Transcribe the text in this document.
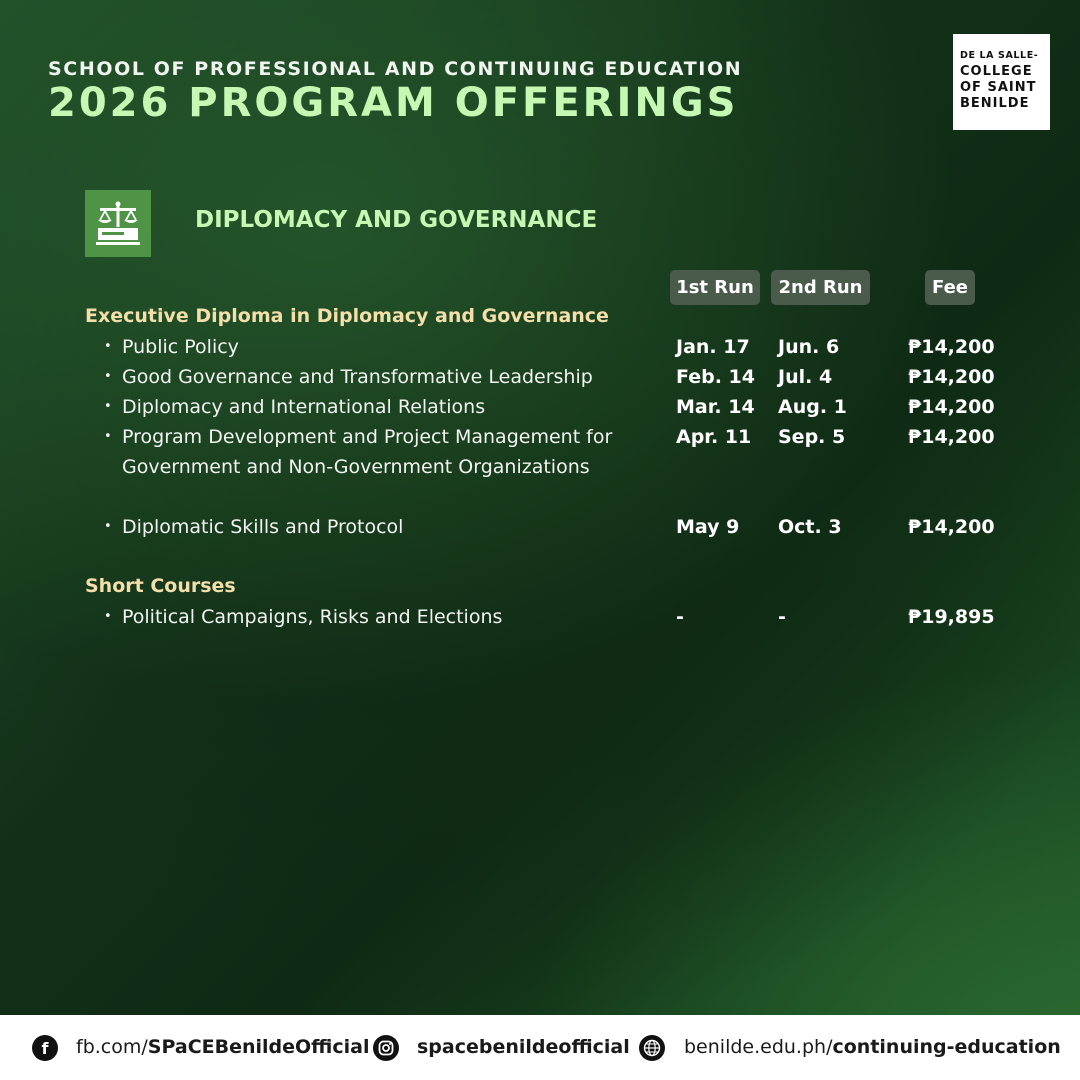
SCHOOL OF PROFESSIONAL AND CONTINUING EDUCATION
2026 PROGRAM OFFERINGS
DE LA SALLE-
COLLEGE
OF SAINT
BENILDE
DIPLOMACY AND GOVERNANCE
1st Run	2nd Run	Fee
Executive Diploma in Diplomacy and Governance
• Public Policy	Jan. 17 Jun. 6	₱14,200
• Good Governance and Transformative Leadership	Feb. 14 Jul. 4	₱14,200
• Diplomacy and International Relations	Mar. 14 Aug. 1	₱14,200
• Program Development and Project Management for Government and Non-Government Organizations
Apr. 11 Sep. 5	₱14,200
• Diplomatic Skills and Protocol	May 9 Oct. 3	₱14,200
Short Courses
• Political Campaigns, Risks and Elections	-	-	₱19,895
f	fb.com/SPaCEBenildeOfficial	spacebenildeofficial	benilde.edu.ph/continuing-education
